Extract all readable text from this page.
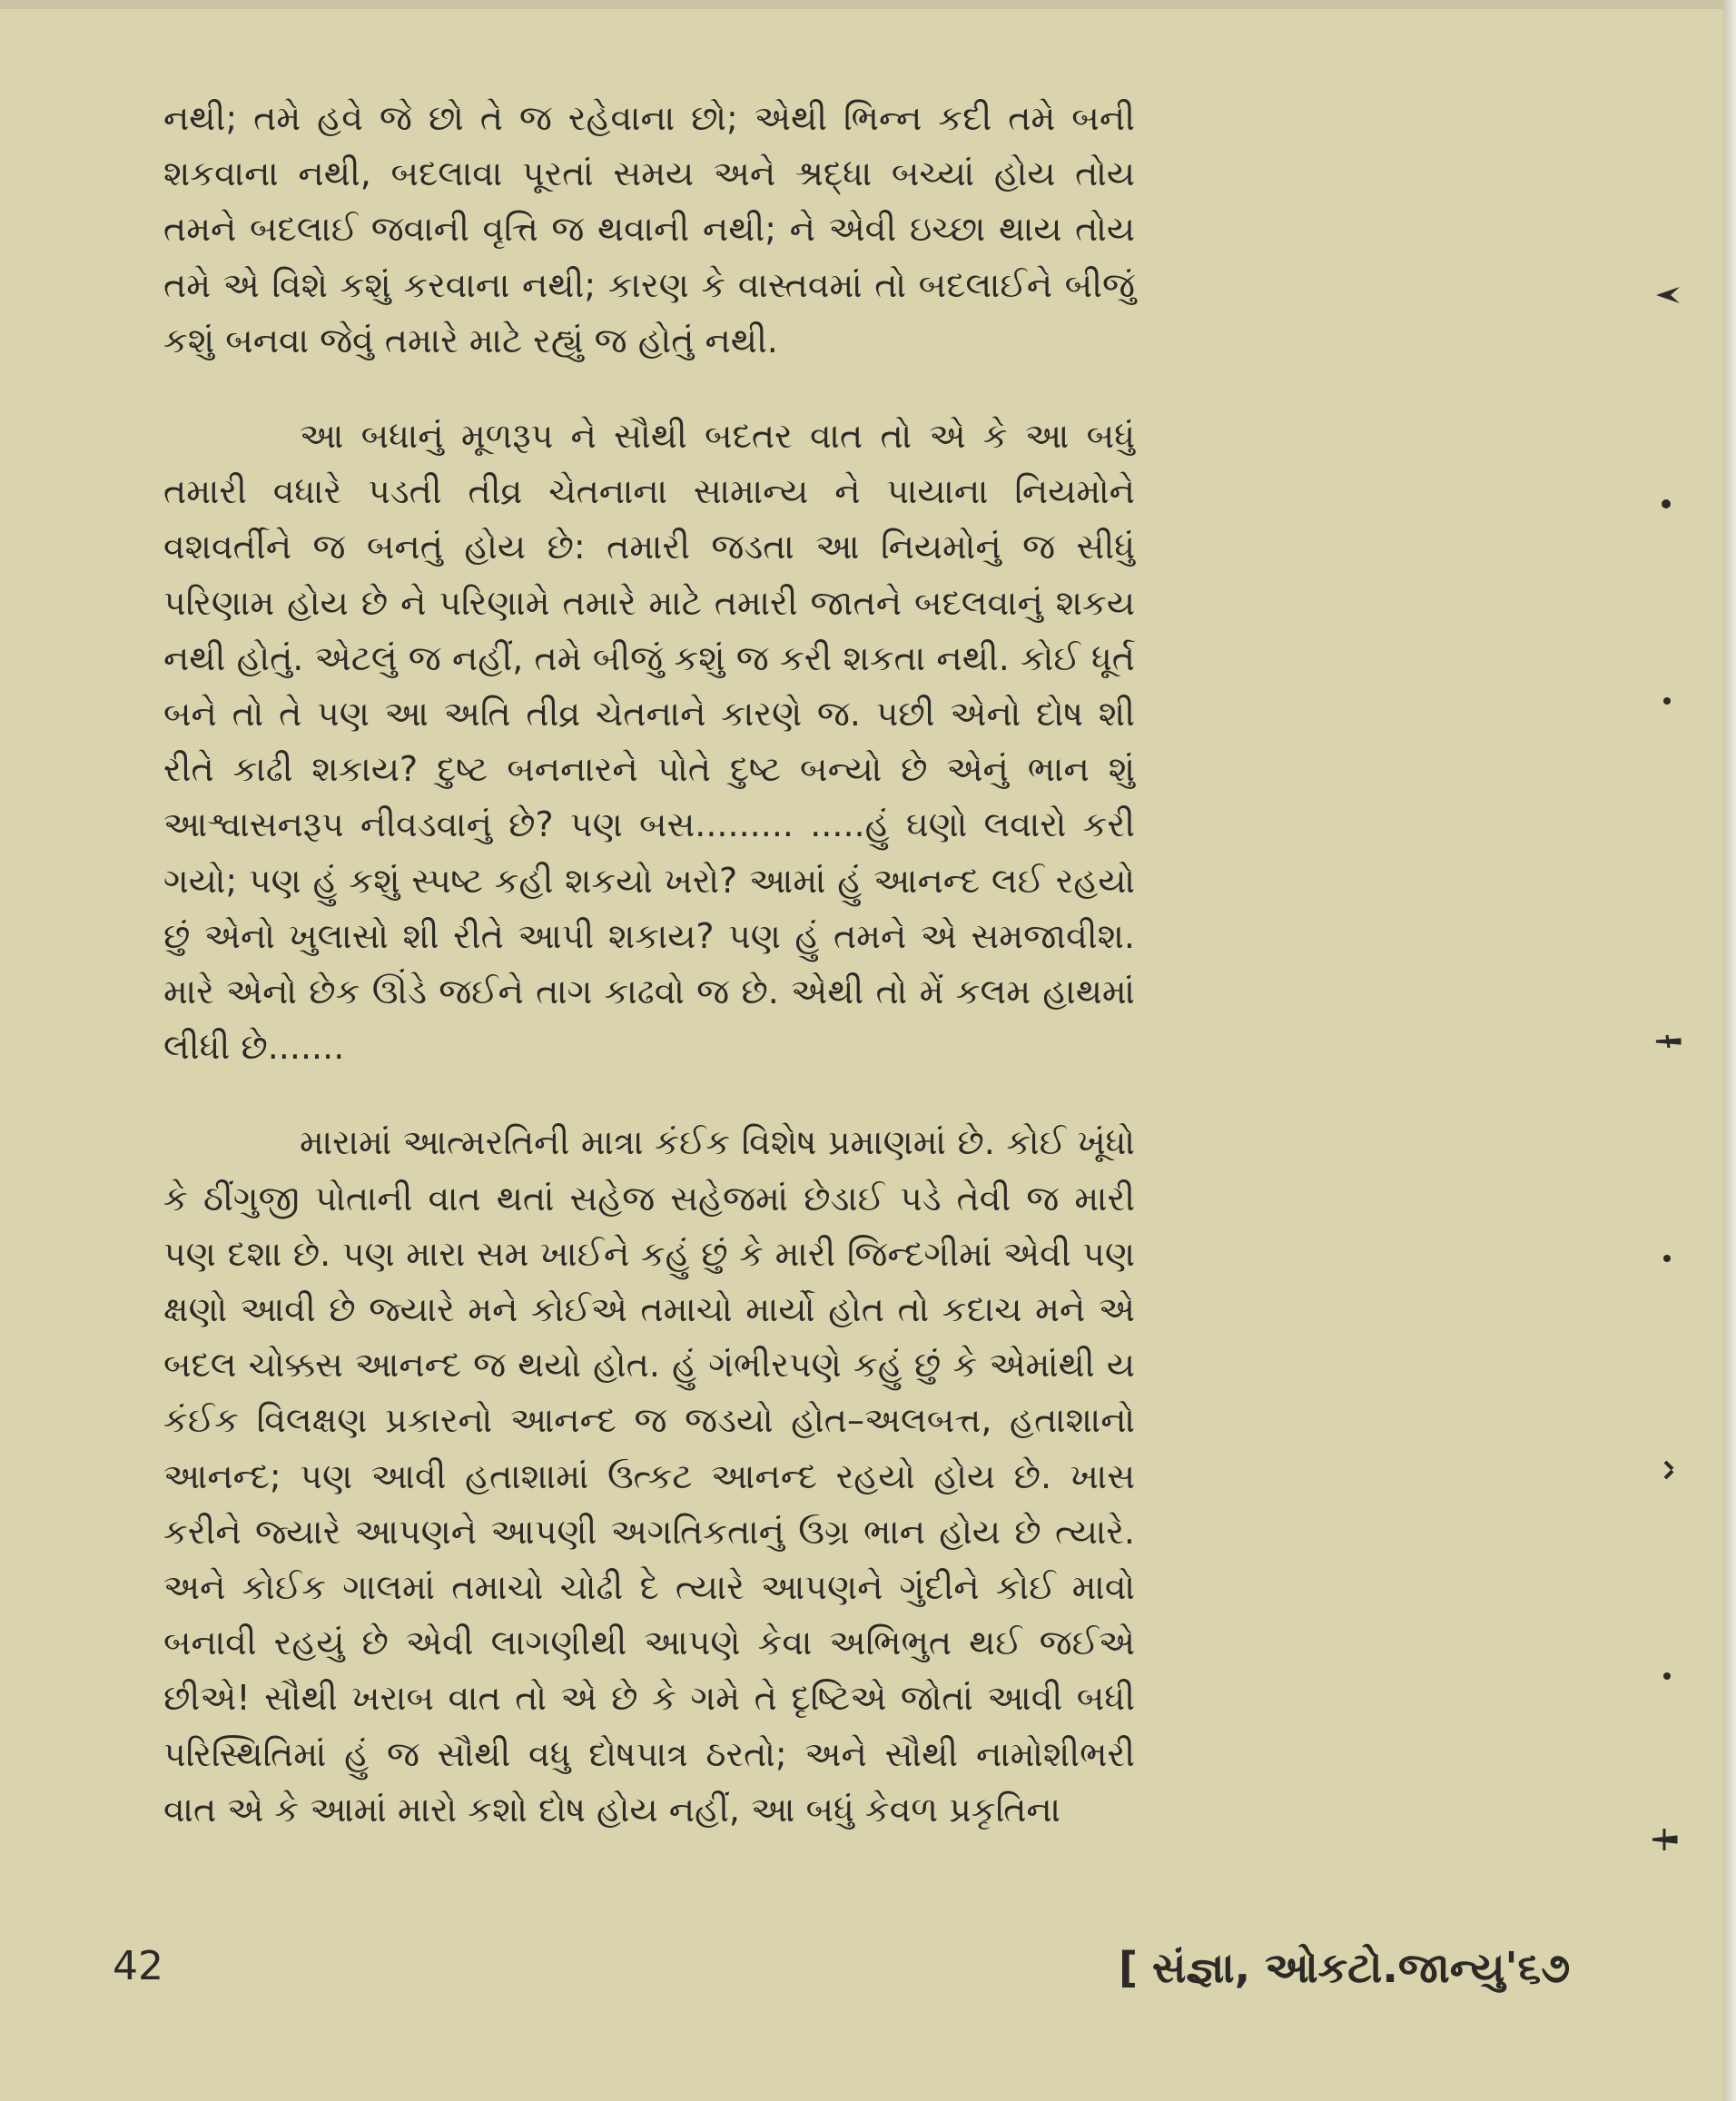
નથી; તમે હવે જે છો તે જ રહેવાના છો; એથી ભિન્ન કદી તમે બની શકવાના નથી, બદલાવા પૂરતાં સમય અને શ્રદ્ધા બચ્યાં હોય તોય તમને બદલાઈ જવાની વૃત્તિ જ થવાની નથી; ને એવી ઇચ્છા થાય તોય તમે એ વિશે કશું કરવાના નથી; કારણ કે વાસ્તવમાં તો બદલાઈને બીજું કશું બનવા જેવું તમારે માટે રહ્યું જ હોતું નથી.

આ બધાનું મૂળરૂપ ને સૌથી બદતર વાત તો એ કે આ બધું તમારી વધારે પડતી તીવ્ર ચેતનાના સામાન્ય ને પાયાના નિયમોને વશવર્તીને જ બનતું હોય છે: તમારી જડતા આ નિયમોનું જ સીધું પરિણામ હોય છે ને પરિણામે તમારે માટે તમારી જાતને બદલવાનું શકય નથી હોતું. એટલું જ નહીં, તમે બીજું કશું જ કરી શકતા નથી. કોઈ ધૂર્ત બને તો તે પણ આ અતિ તીવ્ર ચેતનાને કારણે જ. પછી એનો દોષ શી રીતે કાઢી શકાય? દુષ્ટ બનનારને પોતે દુષ્ટ બન્યો છે એનું ભાન શું આશ્વાસનરૂપ નીવડવાનું છે? પણ બસ......... .....હું ઘણો લવારો કરી ગયો; પણ હું કશું સ્પષ્ટ કહી શકયો ખરો? આમાં હું આનન્દ લઈ રહયો છું એનો ખુલાસો શી રીતે આપી શકાય? પણ હું તમને એ સમજાવીશ. મારે એનો છેક ઊંડે જઈને તાગ કાઢવો જ છે. એથી તો મેં કલમ હાથમાં લીધી છે.......

મારામાં આત્મરતિની માત્રા કંઈક વિશેષ પ્રમાણમાં છે. કોઈ ખૂંધો કે ઠીંગુજી પોતાની વાત થતાં સહેજ સહેજમાં છેડાઈ પડે તેવી જ મારી પણ દશા છે. પણ મારા સમ ખાઈને કહું છું કે મારી જિન્દગીમાં એવી પણ ક્ષણો આવી છે જ્યારે મને કોઈએ તમાચો માર્યો હોત તો કદાચ મને એ બદલ ચોક્કસ આનન્દ જ થયો હોત. હું ગંભીરપણે કહું છું કે એમાંથી ય કંઈક વિલક્ષણ પ્રકારનો આનન્દ જ જડયો હોત–અલબત્ત, હતાશાનો આનન્દ; પણ આવી હતાશામાં ઉત્કટ આનન્દ રહયો હોય છે. ખાસ કરીને જ્યારે આપણને આપણી અગતિકતાનું ઉગ્ર ભાન હોય છે ત્યારે. અને કોઈક ગાલમાં તમાચો ચોઢી દે ત્યારે આપણને ગુંદીને કોઈ માવો બનાવી રહયું છે એવી લાગણીથી આપણે કેવા અભિભુત થઈ જઈએ છીએ! સૌથી ખરાબ વાત તો એ છે કે ગમે તે દૃષ્ટિએ જોતાં આવી બધી પરિસ્થિતિમાં હું જ સૌથી વધુ દોષપાત્ર ઠરતો; અને સૌથી નામોશીભરી વાત એ કે આમાં મારો કશો દોષ હોય નહીં, આ બધું કેવળ પ્રકૃતિના

42	[ સંજ્ઞા, ઓકટો.જાન્યુ'૬૭
